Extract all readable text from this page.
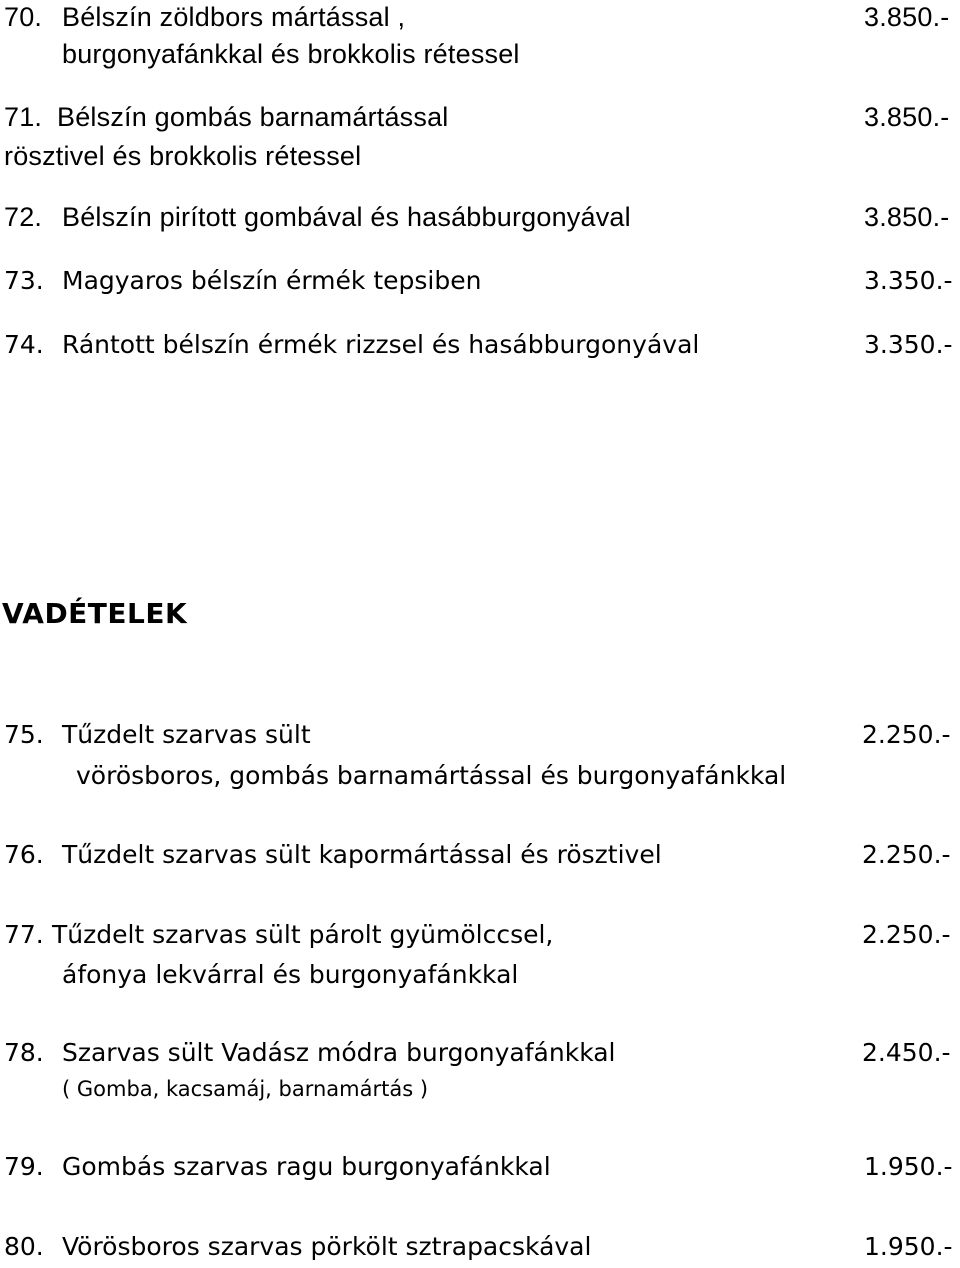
70. Bélszín zöldbors mártással ,	3.850.-
burgonyafánkkal és brokkolis rétessel
71. Bélszín gombás barnamártással	3.850.-
rösztivel és brokkolis rétessel
72. Bélszín pirított gombával és hasábburgonyával	3.850.-
73. Magyaros bélszín érmék tepsiben	3.350.-
74. Rántott bélszín érmék rizzsel és hasábburgonyával	3.350.-
VADÉTELEK
75. Tűzdelt szarvas sült	2.250.-
vörösboros, gombás barnamártással és burgonyafánkkal
76. Tűzdelt szarvas sült kapormártással és rösztivel	2.250.-
77. Tűzdelt szarvas sült párolt gyümölccsel,	2.250.-
áfonya lekvárral és burgonyafánkkal
78. Szarvas sült Vadász módra burgonyafánkkal	2.450.-
( Gomba, kacsamáj, barnamártás )
79. Gombás szarvas ragu burgonyafánkkal	1.950.-
80. Vörösboros szarvas pörkölt sztrapacskával	1.950.-
